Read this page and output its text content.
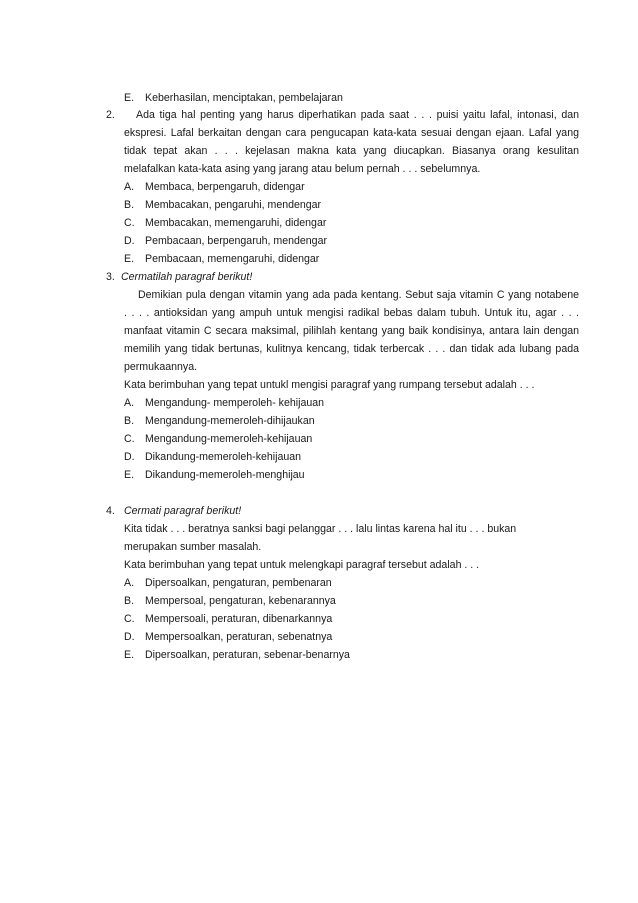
E. Keberhasilan, menciptakan, pembelajaran
2.	Ada tiga hal penting yang harus diperhatikan pada saat . . . puisi yaitu lafal, intonasi, dan
ekspresi. Lafal berkaitan dengan cara pengucapan kata-kata sesuai dengan ejaan. Lafal yang
tidak tepat akan . . . kejelasan makna kata yang diucapkan. Biasanya orang kesulitan
melafalkan kata-kata asing yang jarang atau belum pernah . . . sebelumnya.
A. Membaca, berpengaruh, didengar
B. Membacakan, pengaruhi, mendengar
C. Membacakan, memengaruhi, didengar
D. Pembacaan, berpengaruh, mendengar
E. Pembacaan, memengaruhi, didengar
3. Cermatilah paragraf berikut!
Demikian pula dengan vitamin yang ada pada kentang. Sebut saja vitamin C yang notabene
. . . . antioksidan yang ampuh untuk mengisi radikal bebas dalam tubuh. Untuk itu, agar . . .
manfaat vitamin C secara maksimal, pilihlah kentang yang baik kondisinya, antara lain dengan
memilih yang tidak bertunas, kulitnya kencang, tidak terbercak . . . dan tidak ada lubang pada
permukaannya.
Kata berimbuhan yang tepat untukl mengisi paragraf yang rumpang tersebut adalah . . .
A. Mengandung- memperoleh- kehijauan
B. Mengandung-memeroleh-dihijaukan
C. Mengandung-memeroleh-kehijauan
D. Dikandung-memeroleh-kehijauan
E. Dikandung-memeroleh-menghijau
4. Cermati paragraf berikut!
Kita tidak . . . beratnya sanksi bagi pelanggar . . . lalu lintas karena hal itu . . . bukan
merupakan sumber masalah.
Kata berimbuhan yang tepat untuk melengkapi paragraf tersebut adalah . . .
A. Dipersoalkan, pengaturan, pembenaran
B. Mempersoal, pengaturan, kebenarannya
C. Mempersoali, peraturan, dibenarkannya
D. Mempersoalkan, peraturan, sebenatnya
E. Dipersoalkan, peraturan, sebenar-benarnya
